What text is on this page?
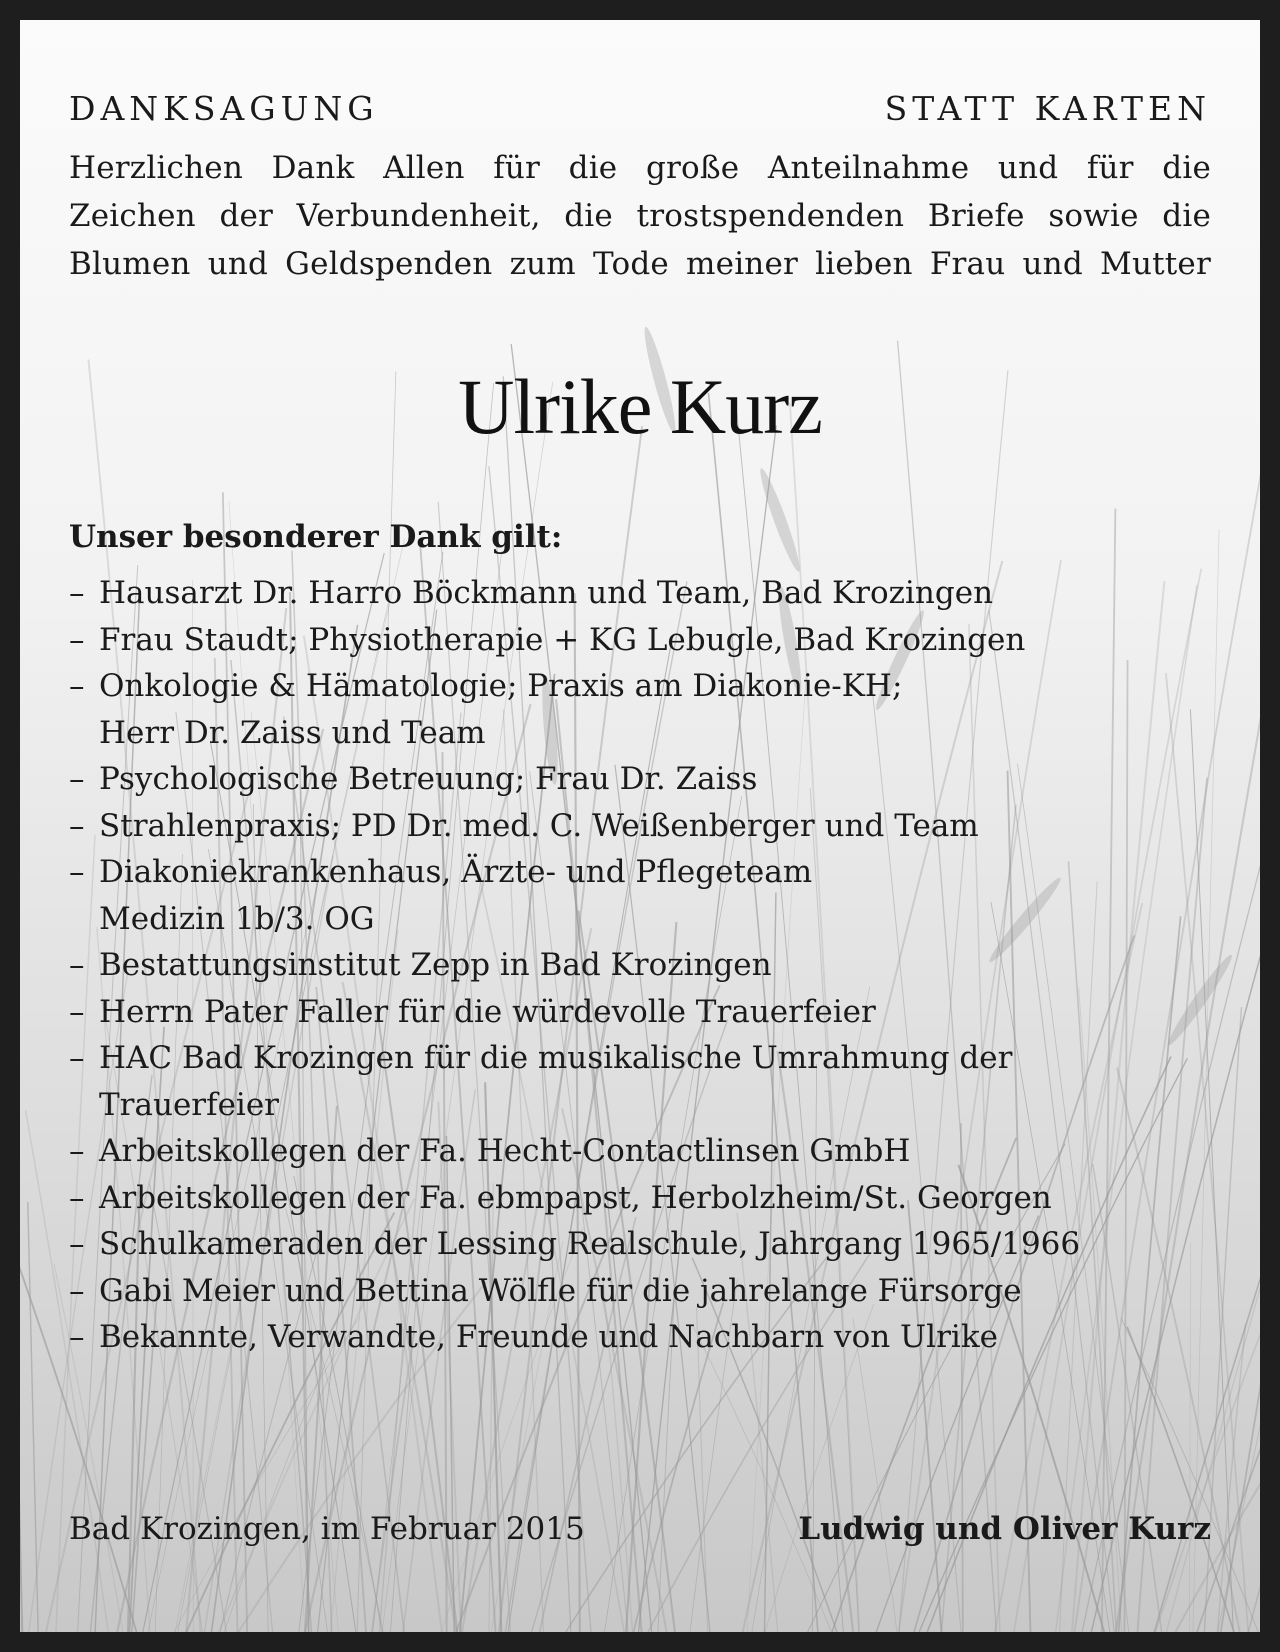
DANKSAGUNG	STATT KARTEN
Herzlichen Dank Allen für die große Anteilnahme und für die
Zeichen der Verbundenheit, die trostspendenden Briefe sowie die
Blumen und Geldspenden zum Tode meiner lieben Frau und Mutter
Ulrike Kurz
Unser besonderer Dank gilt:
– Hausarzt Dr. Harro Böckmann und Team, Bad Krozingen
– Frau Staudt; Physiotherapie + KG Lebugle, Bad Krozingen
– Onkologie & Hämatologie; Praxis am Diakonie-KH;
Herr Dr. Zaiss und Team
– Psychologische Betreuung; Frau Dr. Zaiss
– Strahlenpraxis; PD Dr. med. C. Weißenberger und Team
– Diakoniekrankenhaus, Ärzte- und Pflegeteam
Medizin 1b/3. OG
– Bestattungsinstitut Zepp in Bad Krozingen
– Herrn Pater Faller für die würdevolle Trauerfeier
– HAC Bad Krozingen für die musikalische Umrahmung der
Trauerfeier
– Arbeitskollegen der Fa. Hecht-Contactlinsen GmbH
– Arbeitskollegen der Fa. ebmpapst, Herbolzheim/St. Georgen
– Schulkameraden der Lessing Realschule, Jahrgang 1965/1966
– Gabi Meier und Bettina Wölfle für die jahrelange Fürsorge
– Bekannte, Verwandte, Freunde und Nachbarn von Ulrike
Bad Krozingen, im Februar 2015	Ludwig und Oliver Kurz
